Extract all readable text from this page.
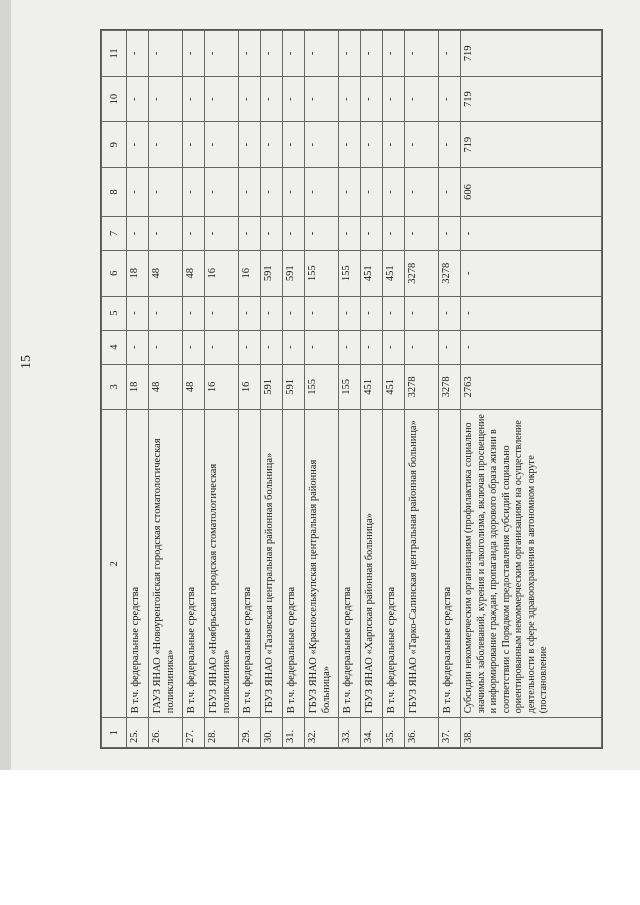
15
1	2	3	4	5	6	7	8	9	10	11
25.	В т.ч. федеральные средства	18	-	-	18	-	-	-	-	-
26.	ГАУЗ ЯНАО «Новоуренгойская городская стоматологическая поликлиника»	48	-	-	48	-	-	-	-	-
27.	В т.ч. федеральные средства	48	-	-	48	-	-	-	-	-
28.	ГБУЗ ЯНАО «Ноябрьская городская стоматологическая поликлиника»	16	-	-	16	-	-	-	-	-
29.	В т.ч. федеральные средства	16	-	-	16	-	-	-	-	-
30.	ГБУЗ ЯНАО «Тазовская центральная районная больница»	591	-	-	591	-	-	-	-	-
31.	В т.ч. федеральные средства	591	-	-	591	-	-	-	-	-
32.	ГБУЗ ЯНАО «Красноселькупская центральная районная больница»	155	-	-	155	-	-	-	-	-
33.	В т.ч. федеральные средства	155	-	-	155	-	-	-	-	-
34.	ГБУЗ ЯНАО «Харпская районная больница»	451	-	-	451	-	-	-	-	-
35.	В т.ч. федеральные средства	451	-	-	451	-	-	-	-	-
36.	ГБУЗ ЯНАО «Тарко-Салинская центральная районная больница»	3278	-	-	3278	-	-	-	-	-
37.	В т.ч. федеральные средства	3278	-	-	3278	-	-	-	-	-
38.	Субсидии некоммерческим организациям (профилактика социально значимых заболеваний, курения и алкоголизма, включая просвещение и информирование граждан, пропаганда здорового образа жизни в соответствии с Порядком предоставления субсидий социально ориентированным некоммерческим организациям на осуществление деятельности в сфере здравоохранения в автономном округе (постановление	2763	-	-	-	-	606	719	719	719
